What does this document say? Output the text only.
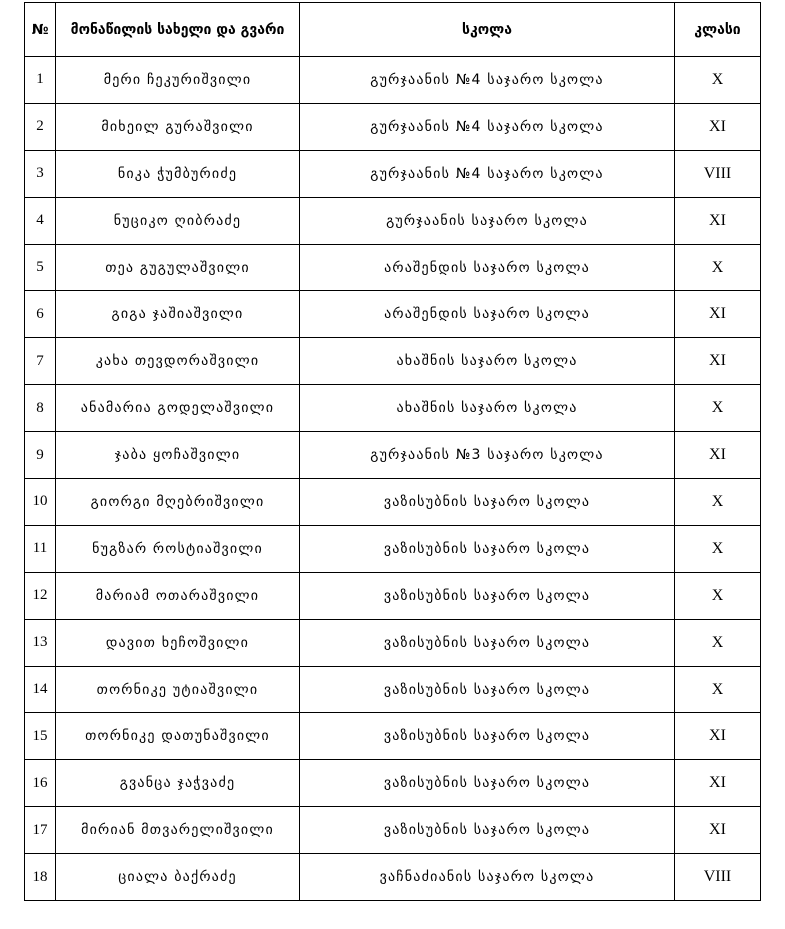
№	მონაწილის სახელი და გვარი	სკოლა	კლასი
1	მერი ჩეკურიშვილი	გურჯაანის №4 საჯარო სკოლა	X
2	მიხეილ გურაშვილი	გურჯაანის №4 საჯარო სკოლა	XI
3	ნიკა ჭუმბურიძე	გურჯაანის №4 საჯარო სკოლა	VIII
4	ნუციკო ღიბრაძე	გურჯაანის საჯარო სკოლა	XI
5	თეა გუგულაშვილი	არაშენდის საჯარო სკოლა	X
6	გიგა ჯაშიაშვილი	არაშენდის საჯარო სკოლა	XI
7	კახა თევდორაშვილი	ახაშნის საჯარო სკოლა	XI
8	ანამარია გოდელაშვილი	ახაშნის საჯარო სკოლა	X
9	ჯაბა ყოჩაშვილი	გურჯაანის №3 საჯარო სკოლა	XI
10	გიორგი მღებრიშვილი	ვაზისუბნის საჯარო სკოლა	X
11	ნუგზარ როსტიაშვილი	ვაზისუბნის საჯარო სკოლა	X
12	მარიამ ოთარაშვილი	ვაზისუბნის საჯარო სკოლა	X
13	დავით ხეჩოშვილი	ვაზისუბნის საჯარო სკოლა	X
14	თორნიკე უტიაშვილი	ვაზისუბნის საჯარო სკოლა	X
15	თორნიკე დათუნაშვილი	ვაზისუბნის საჯარო სკოლა	XI
16	გვანცა ჯაჭვაძე	ვაზისუბნის საჯარო სკოლა	XI
17	მირიან მთვარელიშვილი	ვაზისუბნის საჯარო სკოლა	XI
18	ციალა ბაქრაძე	ვაჩნაძიანის საჯარო სკოლა	VIII
